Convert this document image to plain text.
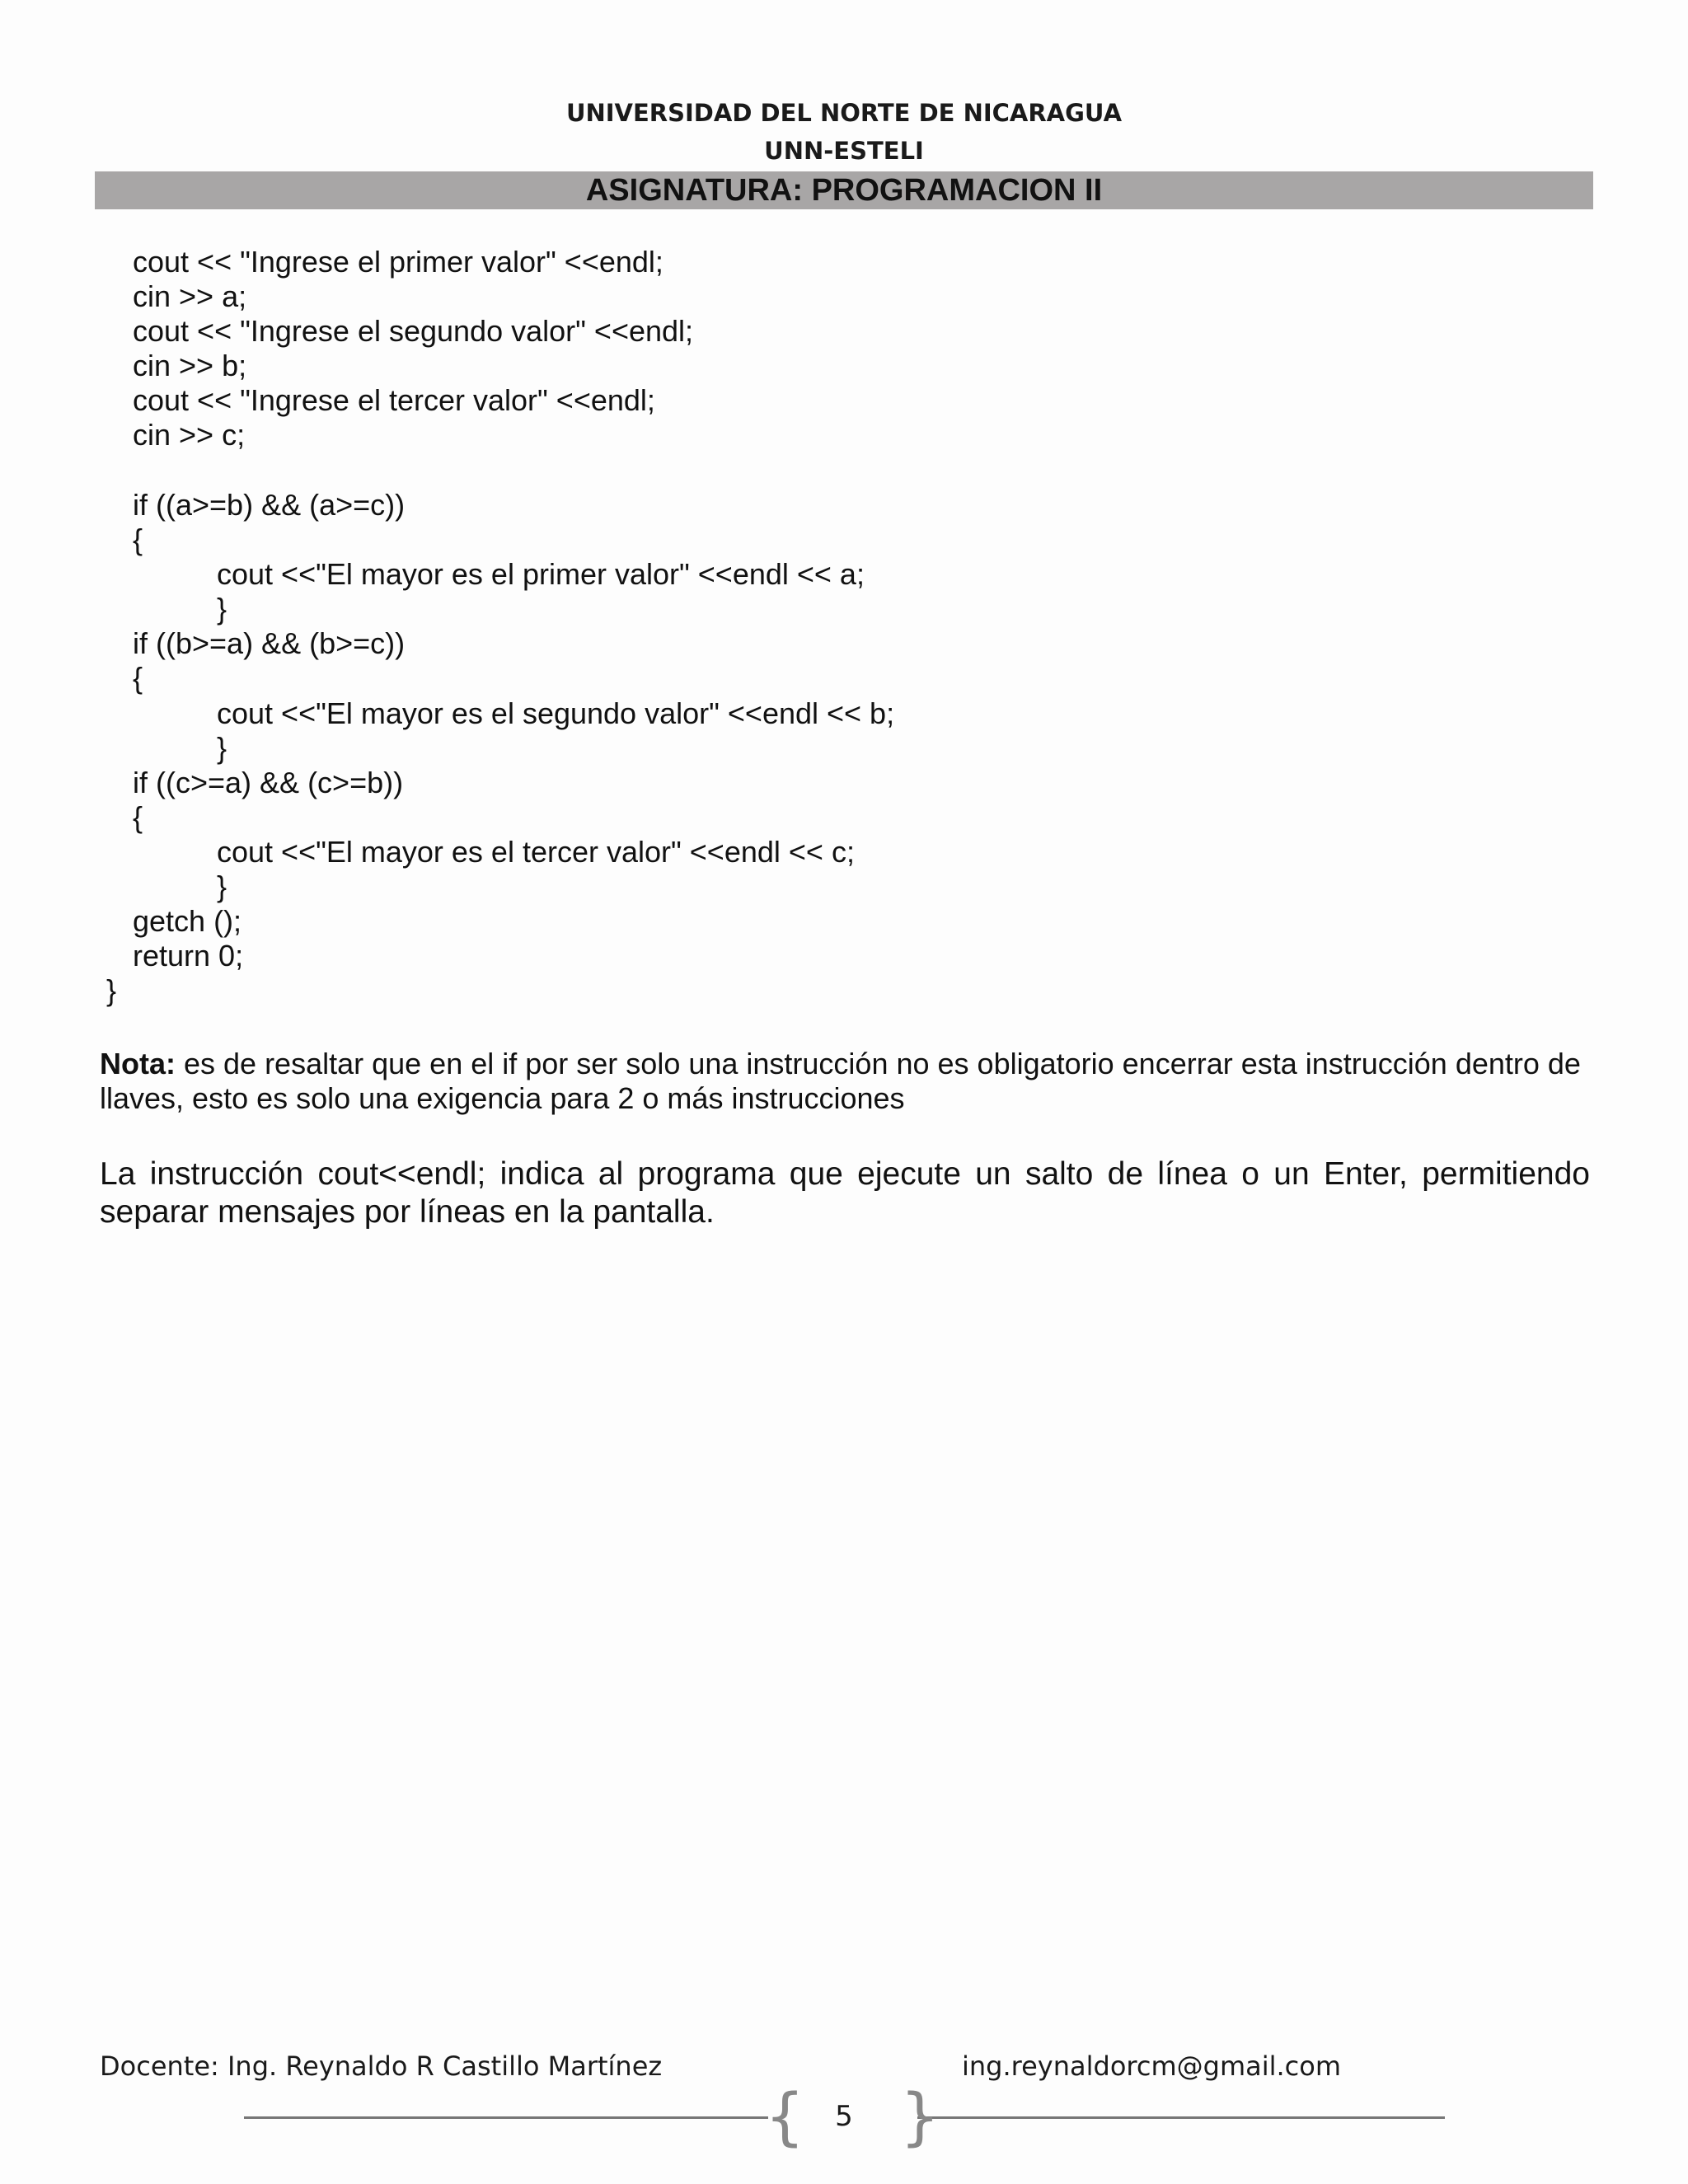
UNIVERSIDAD DEL NORTE DE NICARAGUA
UNN-ESTELI
ASIGNATURA: PROGRAMACION II
cout << "Ingrese el primer valor" <<endl;
cin >> a;
cout << "Ingrese el segundo valor" <<endl;
cin >> b;
cout << "Ingrese el tercer valor" <<endl;
cin >> c;
if ((a>=b) && (a>=c))
{
cout <<"El mayor es el primer valor" <<endl << a;
}
if ((b>=a) && (b>=c))
{
cout <<"El mayor es el segundo valor" <<endl << b;
}
if ((c>=a) && (c>=b))
{
cout <<"El mayor es el tercer valor" <<endl << c;
}
getch ();
return 0;
}
Nota: es de resaltar que en el if por ser solo una instrucción no es obligatorio encerrar esta instrucción dentro de llaves, esto es solo una exigencia para 2 o más instrucciones
La instrucción cout<<endl; indica al programa que ejecute un salto de línea o un Enter, permitiendo separar mensajes por líneas en la pantalla.
Docente: Ing. Reynaldo R Castillo Martínez	ing.reynaldorcm@gmail.com
{ }
5
